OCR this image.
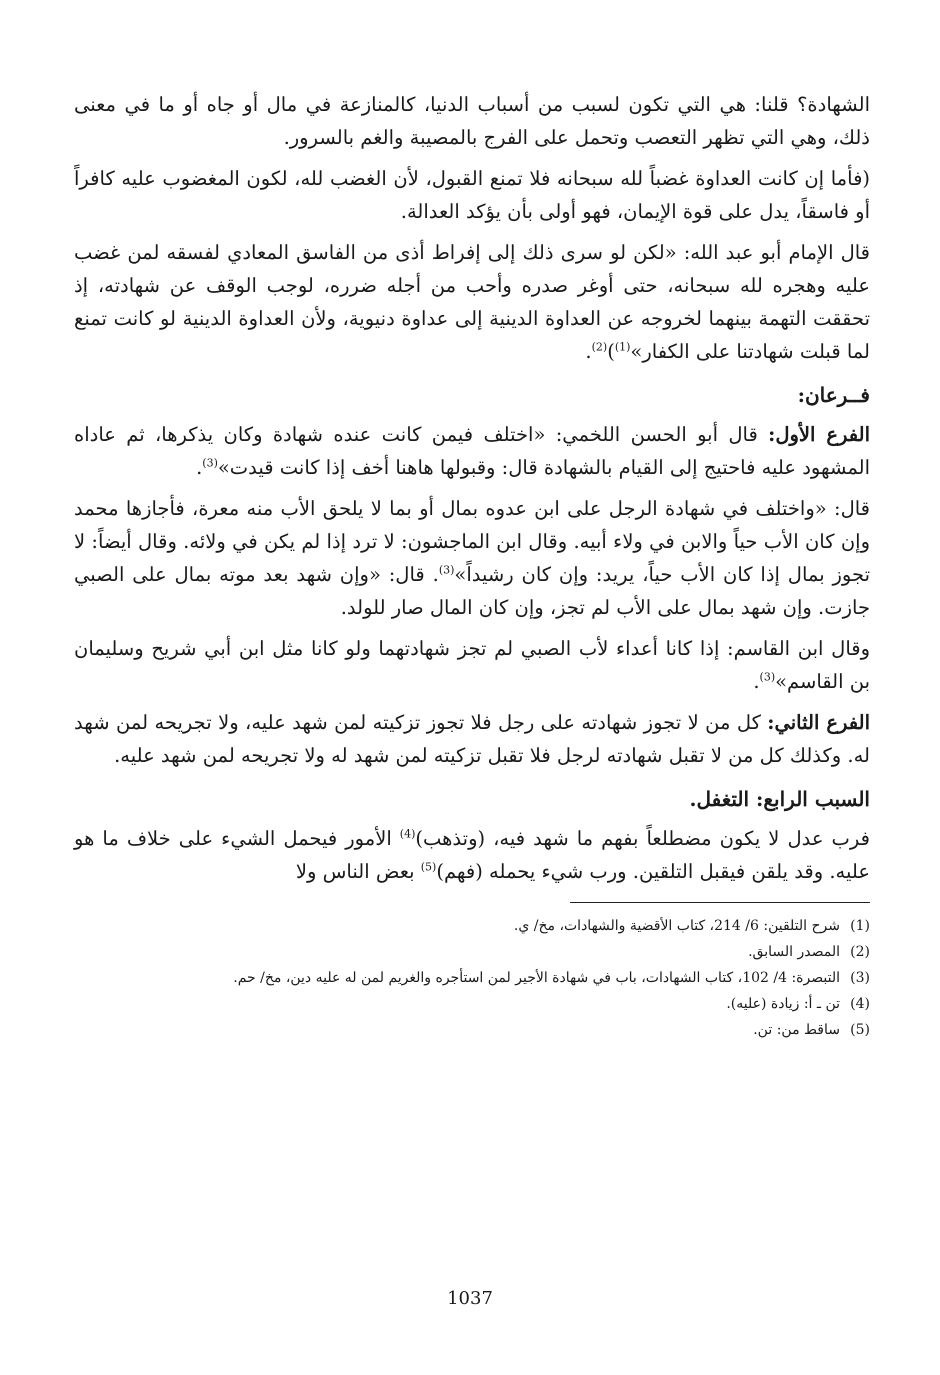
الشهادة؟ قلنا: هي التي تكون لسبب من أسباب الدنيا، كالمنازعة في مال أو جاه أو ما في معنى ذلك، وهي التي تظهر التعصب وتحمل على الفرج بالمصيبة والغم بالسرور.

(فأما إن كانت العداوة غضباً لله سبحانه فلا تمنع القبول، لأن الغضب لله، لكون المغضوب عليه كافراً أو فاسقاً، يدل على قوة الإيمان، فهو أولى بأن يؤكد العدالة.

قال الإمام أبو عبد الله: «لكن لو سرى ذلك إلى إفراط أذى من الفاسق المعادي لفسقه لمن غضب عليه وهجره لله سبحانه، حتى أوغر صدره وأحب من أجله ضرره، لوجب الوقف عن شهادته، إذ تحققت التهمة بينهما لخروجه عن العداوة الدينية إلى عداوة دنيوية، ولأن العداوة الدينية لو كانت تمنع لما قبلت شهادتنا على الكفار»$^{(1)}$)$^{(2)}$.

فــرعان:

الفرع الأول: قال أبو الحسن اللخمي: «اختلف فيمن كانت عنده شهادة وكان يذكرها، ثم عاداه المشهود عليه فاحتيج إلى القيام بالشهادة قال: وقبولها هاهنا أخف إذا كانت قيدت»$^{(3)}$.

قال: «واختلف في شهادة الرجل على ابن عدوه بمال أو بما لا يلحق الأب منه معرة، فأجازها محمد وإن كان الأب حياً والابن في ولاء أبيه. وقال ابن الماجشون: لا ترد إذا لم يكن في ولائه. وقال أيضاً: لا تجوز بمال إذا كان الأب حياً، يريد: وإن كان رشيداً»$^{(3)}$. قال: «وإن شهد بعد موته بمال على الصبي جازت. وإن شهد بمال على الأب لم تجز، وإن كان المال صار للولد.

وقال ابن القاسم: إذا كانا أعداء لأب الصبي لم تجز شهادتهما ولو كانا مثل ابن أبي شريح وسليمان بن القاسم»$^{(3)}$.

الفرع الثاني: كل من لا تجوز شهادته على رجل فلا تجوز تزكيته لمن شهد عليه، ولا تجريحه لمن شهد له. وكذلك كل من لا تقبل شهادته لرجل فلا تقبل تزكيته لمن شهد له ولا تجريحه لمن شهد عليه.

السبب الرابع: التغفل.

فرب عدل لا يكون مضطلعاً بفهم ما شهد فيه، (وتذهب)$^{(4)}$ الأمور فيحمل الشيء على خلاف ما هو عليه. وقد يلقن فيقبل التلقين. ورب شيء يحمله (فهم)$^{(5)}$ بعض الناس ولا

(1)شرح التلقين: 6/ 214، كتاب الأقضية والشهادات، مخ/ ي.

(2)المصدر السابق.

(3)التبصرة: 4/ 102، كتاب الشهادات، باب في شهادة الأجير لمن استأجره والغريم لمن له عليه دين، مخ/ حم.

(4)تن ـ أ: زيادة (عليه).

(5)ساقط من: تن.

1037
